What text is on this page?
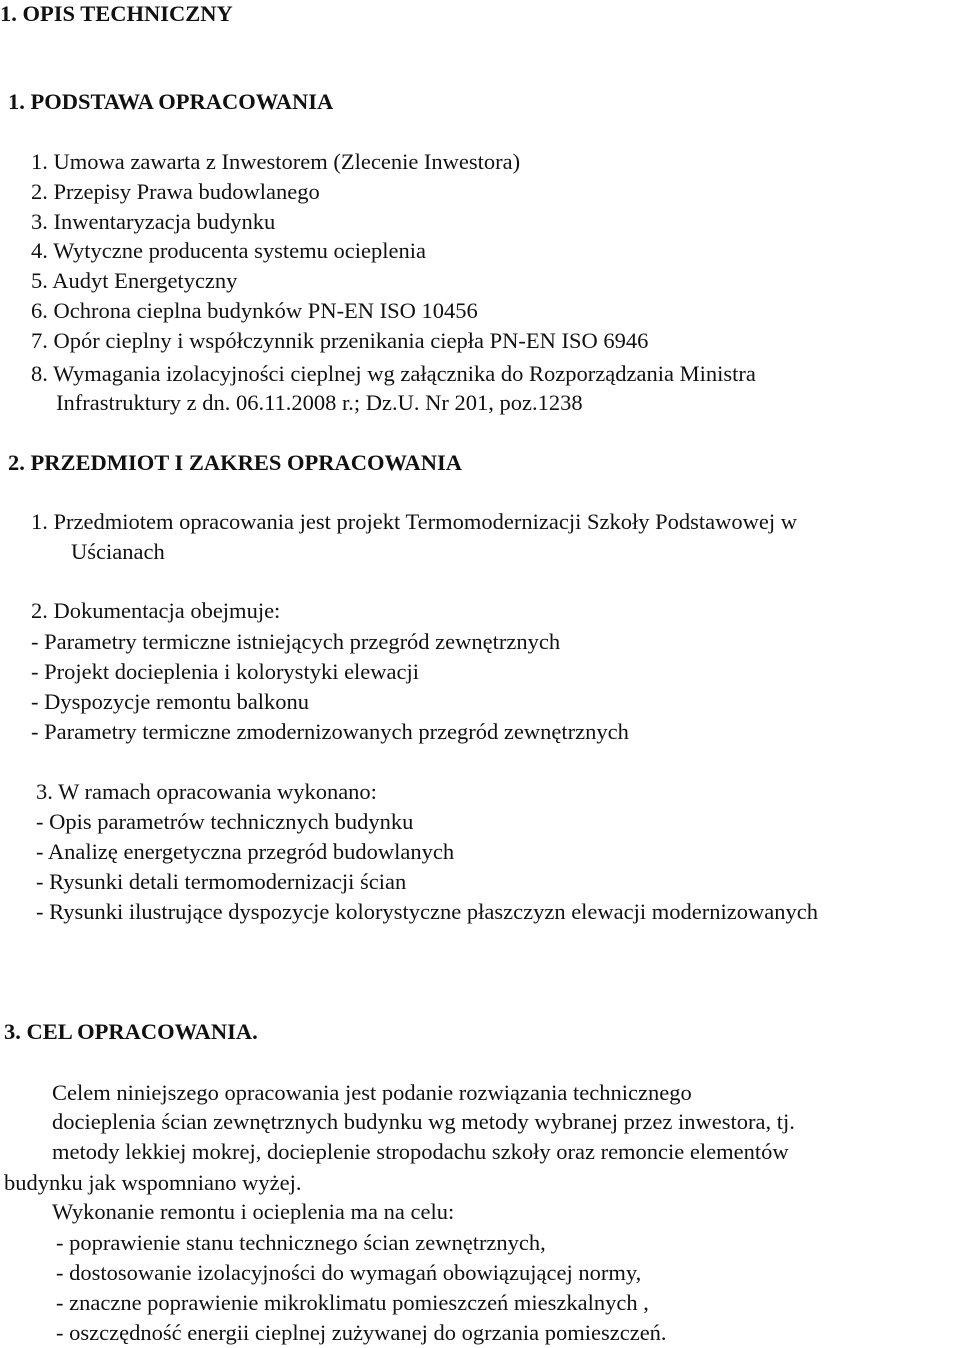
1. OPIS TECHNICZNY
1. PODSTAWA OPRACOWANIA
1. Umowa zawarta z Inwestorem (Zlecenie Inwestora)
2. Przepisy Prawa budowlanego
3. Inwentaryzacja budynku
4. Wytyczne producenta systemu ocieplenia
5. Audyt Energetyczny
6. Ochrona cieplna budynków PN-EN ISO 10456
7. Opór cieplny i współczynnik przenikania ciepła PN-EN ISO 6946
8. Wymagania izolacyjności cieplnej wg załącznika do Rozporządzania Ministra
Infrastruktury z dn. 06.11.2008 r.; Dz.U. Nr 201, poz.1238
2. PRZEDMIOT I ZAKRES OPRACOWANIA
1. Przedmiotem opracowania jest projekt Termomodernizacji Szkoły Podstawowej w
Uścianach
2. Dokumentacja obejmuje:
- Parametry termiczne istniejących przegród zewnętrznych
- Projekt docieplenia i kolorystyki elewacji
- Dyspozycje remontu balkonu
- Parametry termiczne zmodernizowanych przegród zewnętrznych
3. W ramach opracowania wykonano:
- Opis parametrów technicznych budynku
- Analizę energetyczna przegród budowlanych
- Rysunki detali termomodernizacji ścian
- Rysunki ilustrujące dyspozycje kolorystyczne płaszczyzn elewacji modernizowanych
3. CEL OPRACOWANIA.
Celem niniejszego opracowania jest podanie rozwiązania technicznego
docieplenia ścian zewnętrznych budynku wg metody wybranej przez inwestora, tj.
metody lekkiej mokrej, docieplenie stropodachu szkoły oraz remoncie elementów
budynku jak wspomniano wyżej.
Wykonanie remontu i ocieplenia ma na celu:
- poprawienie stanu technicznego ścian zewnętrznych,
- dostosowanie izolacyjności do wymagań obowiązującej normy,
- znaczne poprawienie mikroklimatu pomieszczeń mieszkalnych ,
- oszczędność energii cieplnej zużywanej do ogrzania pomieszczeń.
